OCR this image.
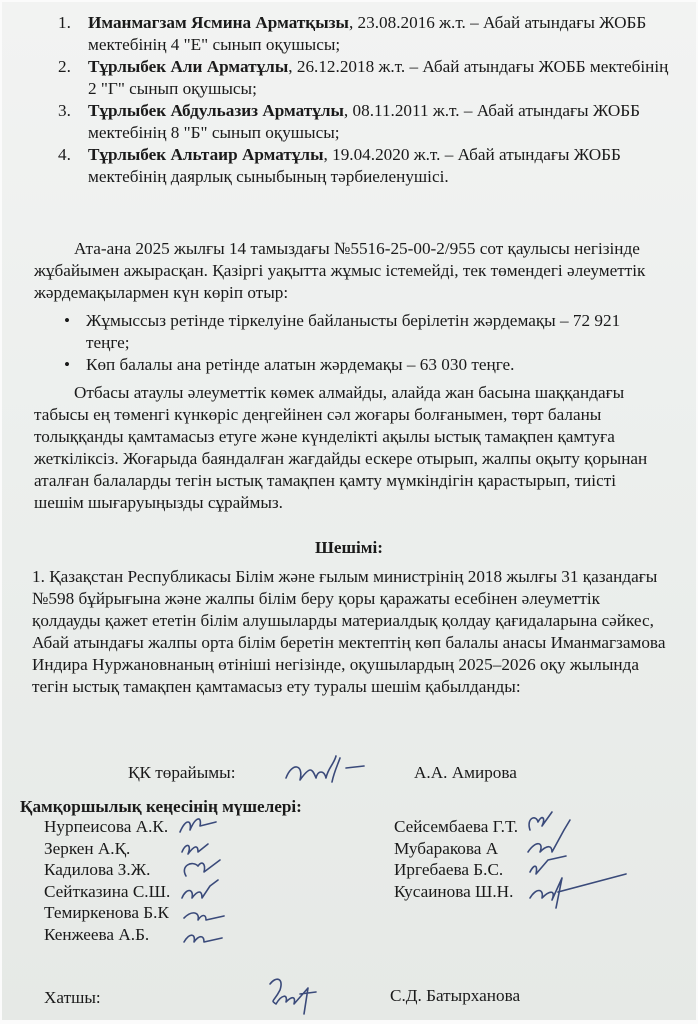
1. Иманмагзам Ясмина Арматқызы, 23.08.2016 ж.т. – Абай атындағы ЖОББ мектебінің 4 "Е" сынып оқушысы;

2. Тұрлыбек Али Арматұлы, 26.12.2018 ж.т. – Абай атындағы ЖОББ мектебінің 2 "Г" сынып оқушысы;

3. Тұрлыбек Абдульазиз Арматұлы, 08.11.2011 ж.т. – Абай атындағы ЖОББ мектебінің 8 "Б" сынып оқушысы;

4. Тұрлыбек Альтаир Арматұлы, 19.04.2020 ж.т. – Абай атындағы ЖОББ мектебінің даярлық сыныбының тәрбиеленушісі.

Ата-ана 2025 жылғы 14 тамыздағы №5516-25-00-2/955 сот қаулысы негізінде жұбайымен ажырасқан. Қазіргі уақытта жұмыс істемейді, тек төмендегі әлеуметтік жәрдемақылармен күн көріп отыр:

• Жұмыссыз ретінде тіркелуіне байланысты берілетін жәрдемақы – 72 921 теңге;
• Көп балалы ана ретінде алатын жәрдемақы – 63 030 теңге.

Отбасы атаулы әлеуметтік көмек алмайды, алайда жан басына шаққандағы табысы ең төменгі күнкөріс деңгейінен сәл жоғары болғанымен, төрт баланы толыққанды қамтамасыз етуге және күнделікті ақылы ыстық тамақпен қамтуға жеткіліксіз. Жоғарыда баяндалған жағдайды ескере отырып, жалпы оқыту қорынан аталған балаларды тегін ыстық тамақпен қамту мүмкіндігін қарастырып, тиісті шешім шығаруыңызды сұраймыз.

Шешімі:

1. Қазақстан Республикасы Білім және ғылым министрінің 2018 жылғы 31 қазандағы №598 бұйрығына және жалпы білім беру қоры қаражаты есебінен әлеуметтік қолдауды қажет ететін білім алушыларды материалдық қолдау қағидаларына сәйкес, Абай атындағы жалпы орта білім беретін мектептің көп балалы анасы Иманмагзамова Индира Нуржановнаның өтініші негізінде, оқушылардың 2025–2026 оқу жылында тегін ыстық тамақпен қамтамасыз ету туралы шешім қабылданды:

ҚК төрайымы:	А.А. Амирова
Қамқоршылық кеңесінің мүшелері:
Нурпеисова А.К.
Зеркен А.Қ.
Кадилова З.Ж.
Сейтказина С.Ш.
Темиркенова Б.К
Кенжеева А.Б.
Сейсембаева Г.Т.
Мубаракова А
Иргебаева Б.С.
Кусаинова Ш.Н.
Хатшы:	С.Д. Батырханова
